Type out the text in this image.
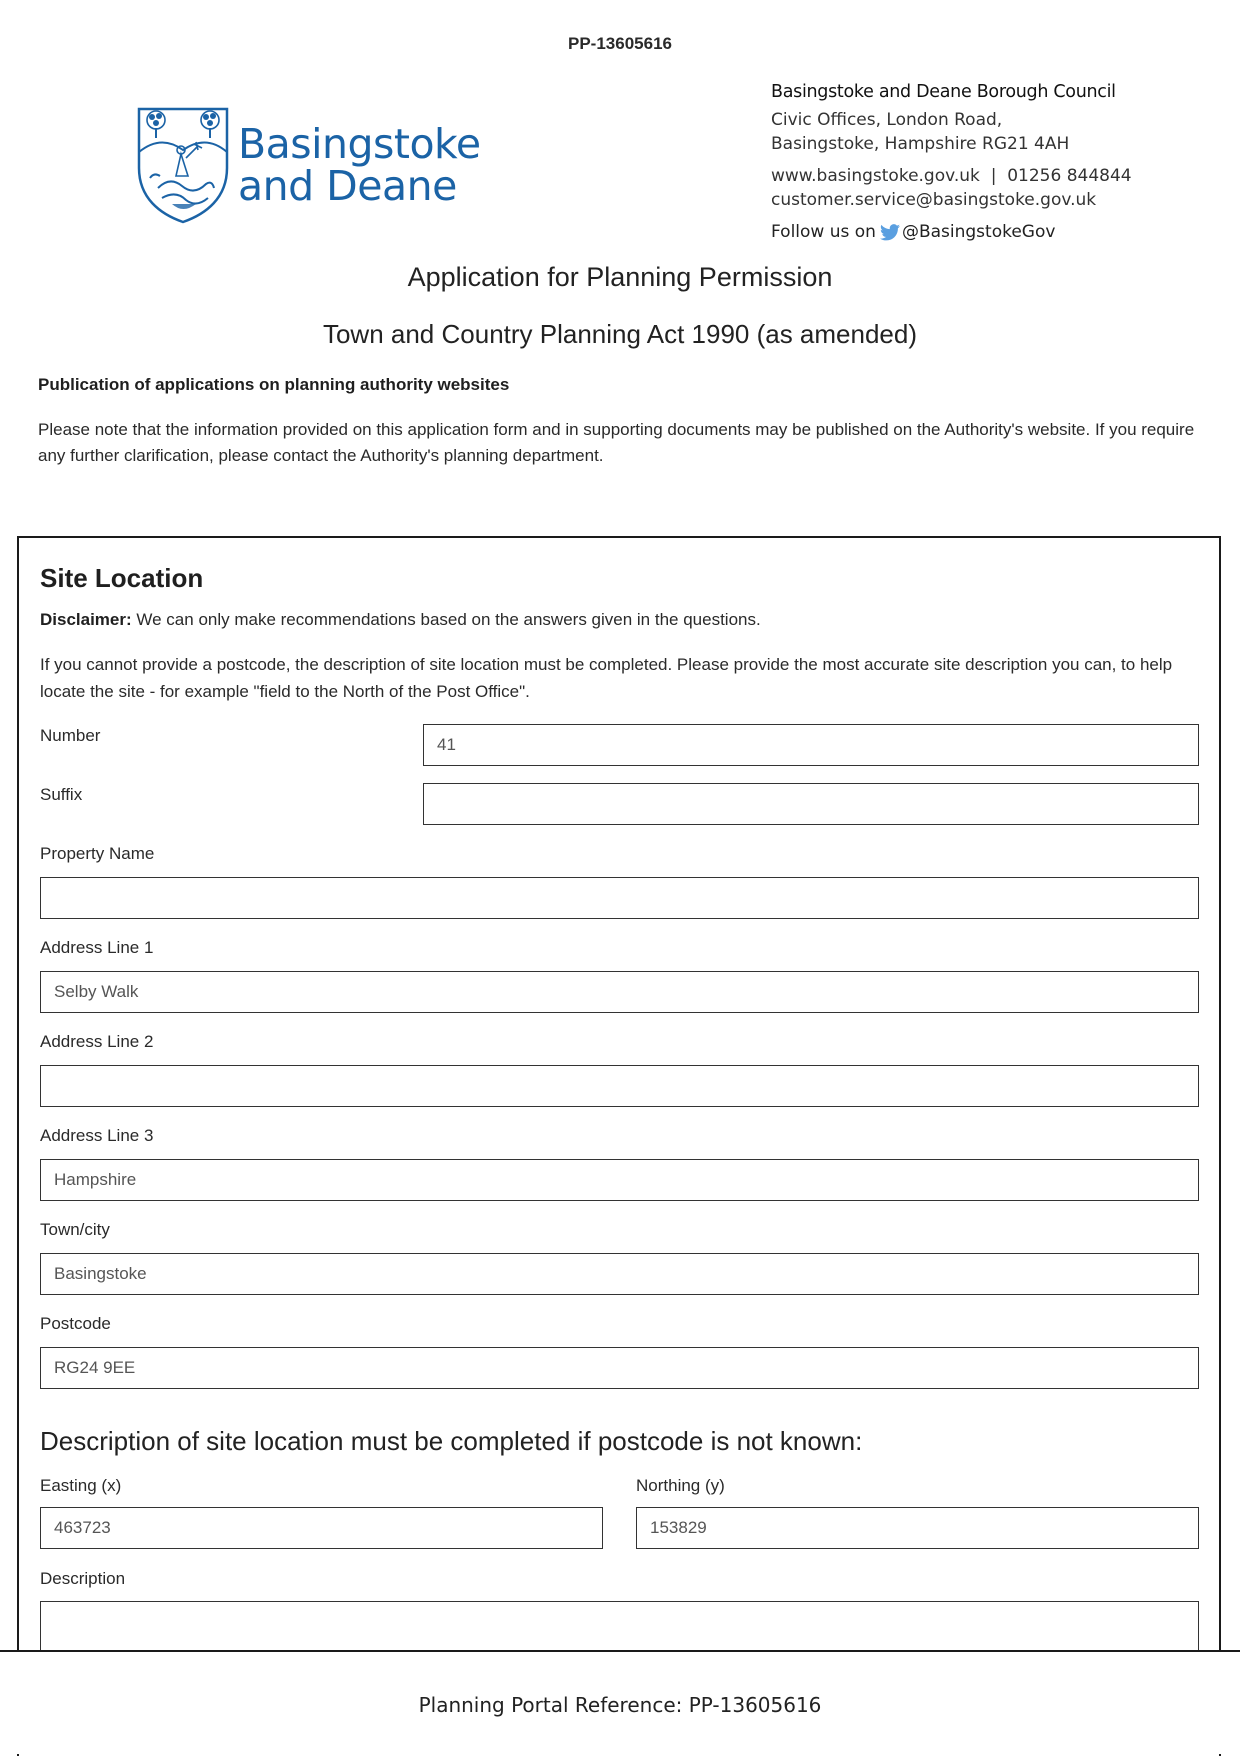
PP-13605616
Basingstoke
and Deane
Basingstoke and Deane Borough Council
Civic Offices, London Road,
Basingstoke, Hampshire RG21 4AH
www.basingstoke.gov.uk  |  01256 844844
customer.service@basingstoke.gov.uk
Follow us on @BasingstokeGov
Application for Planning Permission
Town and Country Planning Act 1990 (as amended)
Publication of applications on planning authority websites
Please note that the information provided on this application form and in supporting documents may be published on the Authority's website. If you require any further clarification, please contact the Authority's planning department.
Site Location
Disclaimer: We can only make recommendations based on the answers given in the questions.
If you cannot provide a postcode, the description of site location must be completed. Please provide the most accurate site description you can, to help locate the site - for example "field to the North of the Post Office".
Number	41
Suffix
Property Name
Address Line 1
Selby Walk
Address Line 2
Address Line 3
Hampshire
Town/city
Basingstoke
Postcode
RG24 9EE
Description of site location must be completed if postcode is not known:
Easting (x)
463723
Northing (y)
153829
Description
Planning Portal Reference: PP-13605616
